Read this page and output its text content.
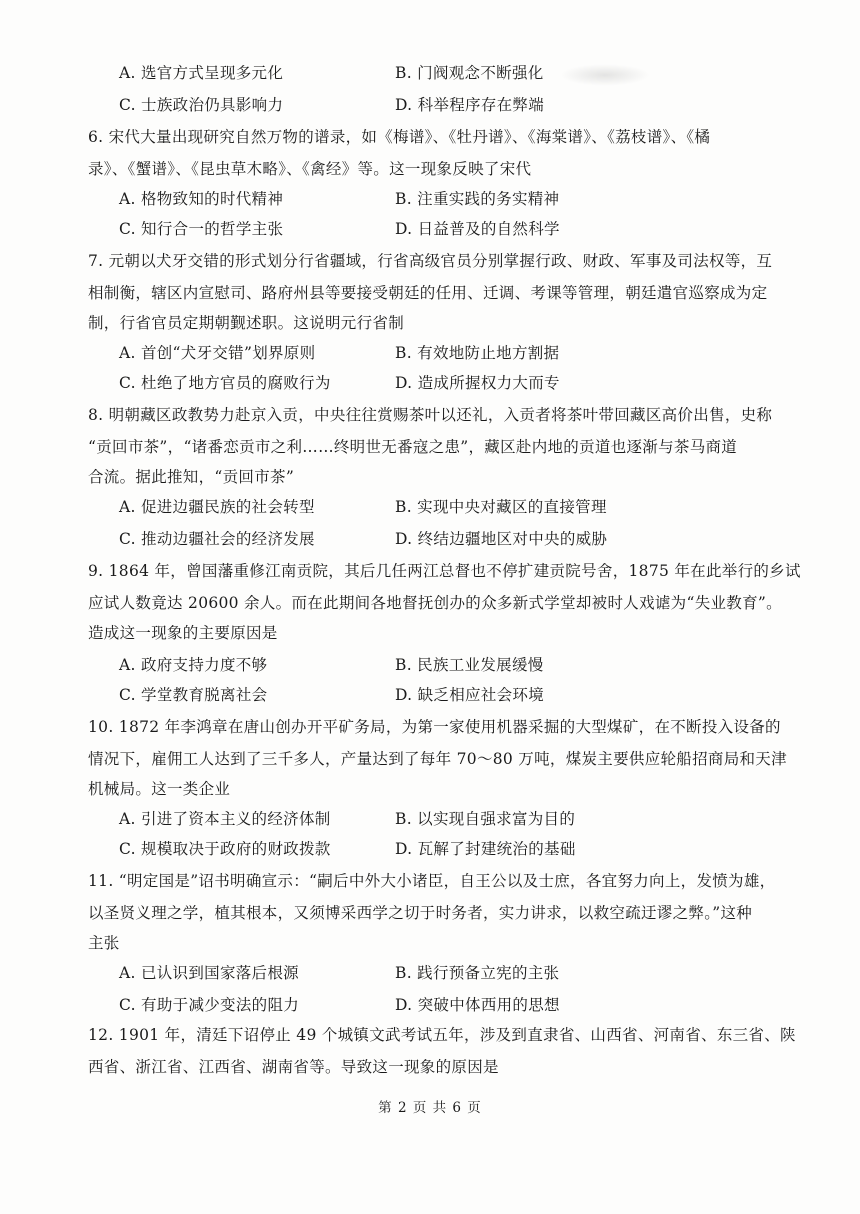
A. 选官方式呈现多元化	B. 门阀观念不断强化
C. 士族政治仍具影响力	D. 科举程序存在弊端
6. 宋代大量出现研究自然万物的谱录，如《梅谱》、《牡丹谱》、《海棠谱》、《荔枝谱》、《橘
录》、《蟹谱》、《昆虫草木略》、《禽经》等。这一现象反映了宋代
A. 格物致知的时代精神	B. 注重实践的务实精神
C. 知行合一的哲学主张	D. 日益普及的自然科学
7. 元朝以犬牙交错的形式划分行省疆域，行省高级官员分别掌握行政、财政、军事及司法权等，互
相制衡，辖区内宣慰司、路府州县等要接受朝廷的任用、迁调、考课等管理，朝廷遣官巡察成为定
制，行省官员定期朝觐述职。这说明元行省制
A. 首创“犬牙交错”划界原则	B. 有效地防止地方割据
C. 杜绝了地方官员的腐败行为	D. 造成所握权力大而专
8. 明朝藏区政教势力赴京入贡，中央往往赏赐茶叶以还礼，入贡者将茶叶带回藏区高价出售，史称
“贡回市茶”，“诸番恋贡市之利……终明世无番寇之患”，藏区赴内地的贡道也逐渐与茶马商道
合流。据此推知，“贡回市茶”
A. 促进边疆民族的社会转型	B. 实现中央对藏区的直接管理
C. 推动边疆社会的经济发展	D. 终结边疆地区对中央的威胁
9. 1864 年，曾国藩重修江南贡院，其后几任两江总督也不停扩建贡院号舍，1875 年在此举行的乡试
应试人数竟达 20600 余人。而在此期间各地督抚创办的众多新式学堂却被时人戏谑为“失业教育”。
造成这一现象的主要原因是
A. 政府支持力度不够	B. 民族工业发展缓慢
C. 学堂教育脱离社会	D. 缺乏相应社会环境
10. 1872 年李鸿章在唐山创办开平矿务局，为第一家使用机器采掘的大型煤矿，在不断投入设备的
情况下，雇佣工人达到了三千多人，产量达到了每年 70～80 万吨，煤炭主要供应轮船招商局和天津
机械局。这一类企业
A. 引进了资本主义的经济体制	B. 以实现自强求富为目的
C. 规模取决于政府的财政拨款	D. 瓦解了封建统治的基础
11. “明定国是”诏书明确宣示：“嗣后中外大小诸臣，自王公以及士庶，各宜努力向上，发愤为雄，
以圣贤义理之学，植其根本，又须博采西学之切于时务者，实力讲求，以救空疏迂谬之弊。”这种
主张
A. 已认识到国家落后根源	B. 践行预备立宪的主张
C. 有助于减少变法的阻力	D. 突破中体西用的思想
12. 1901 年，清廷下诏停止 49 个城镇文武考试五年，涉及到直隶省、山西省、河南省、东三省、陕
西省、浙江省、江西省、湖南省等。导致这一现象的原因是
第 2 页 共 6 页
